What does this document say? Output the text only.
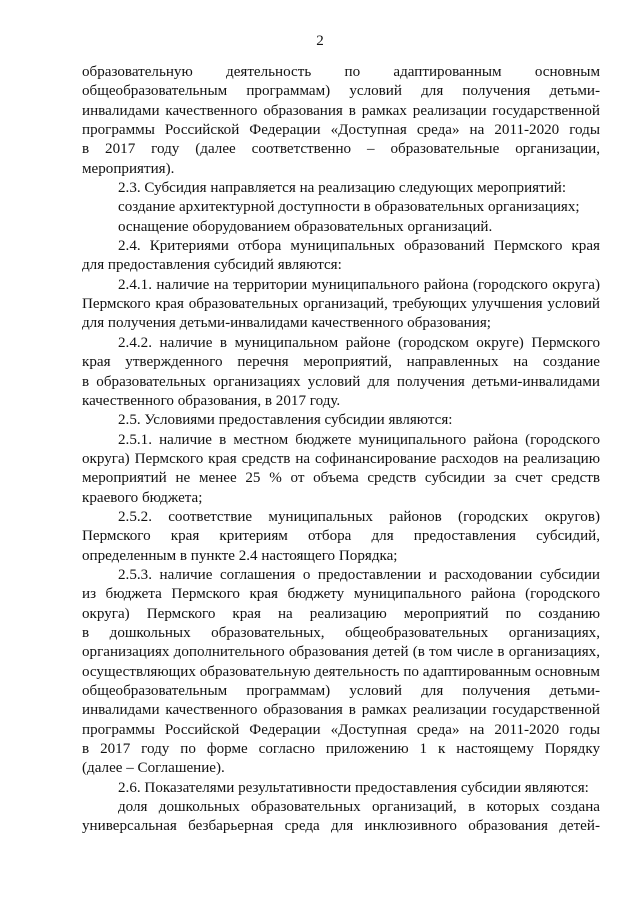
2
образовательную деятельность по адаптированным основным
общеобразовательным программам) условий для получения детьми-
инвалидами качественного образования в рамках реализации государственной
программы Российской Федерации «Доступная среда» на 2011-2020 годы
в 2017 году (далее соответственно – образовательные организации,
мероприятия).
2.3. Субсидия направляется на реализацию следующих мероприятий:
создание архитектурной доступности в образовательных организациях;
оснащение оборудованием образовательных организаций.
2.4. Критериями отбора муниципальных образований Пермского края
для предоставления субсидий являются:
2.4.1. наличие на территории муниципального района (городского округа)
Пермского края образовательных организаций, требующих улучшения условий
для получения детьми-инвалидами качественного образования;
2.4.2. наличие в муниципальном районе (городском округе) Пермского
края утвержденного перечня мероприятий, направленных на создание
в образовательных организациях условий для получения детьми-инвалидами
качественного образования, в 2017 году.
2.5. Условиями предоставления субсидии являются:
2.5.1. наличие в местном бюджете муниципального района (городского
округа) Пермского края средств на софинансирование расходов на реализацию
мероприятий не менее 25 % от объема средств субсидии за счет средств
краевого бюджета;
2.5.2. соответствие муниципальных районов (городских округов)
Пермского края критериям отбора для предоставления субсидий,
определенным в пункте 2.4 настоящего Порядка;
2.5.3. наличие соглашения о предоставлении и расходовании субсидии
из бюджета Пермского края бюджету муниципального района (городского
округа) Пермского края на реализацию мероприятий по созданию
в дошкольных образовательных, общеобразовательных организациях,
организациях дополнительного образования детей (в том числе в организациях,
осуществляющих образовательную деятельность по адаптированным основным
общеобразовательным программам) условий для получения детьми-
инвалидами качественного образования в рамках реализации государственной
программы Российской Федерации «Доступная среда» на 2011-2020 годы
в 2017 году по форме согласно приложению 1 к настоящему Порядку
(далее – Соглашение).
2.6. Показателями результативности предоставления субсидии являются:
доля дошкольных образовательных организаций, в которых создана
универсальная безбарьерная среда для инклюзивного образования детей-
